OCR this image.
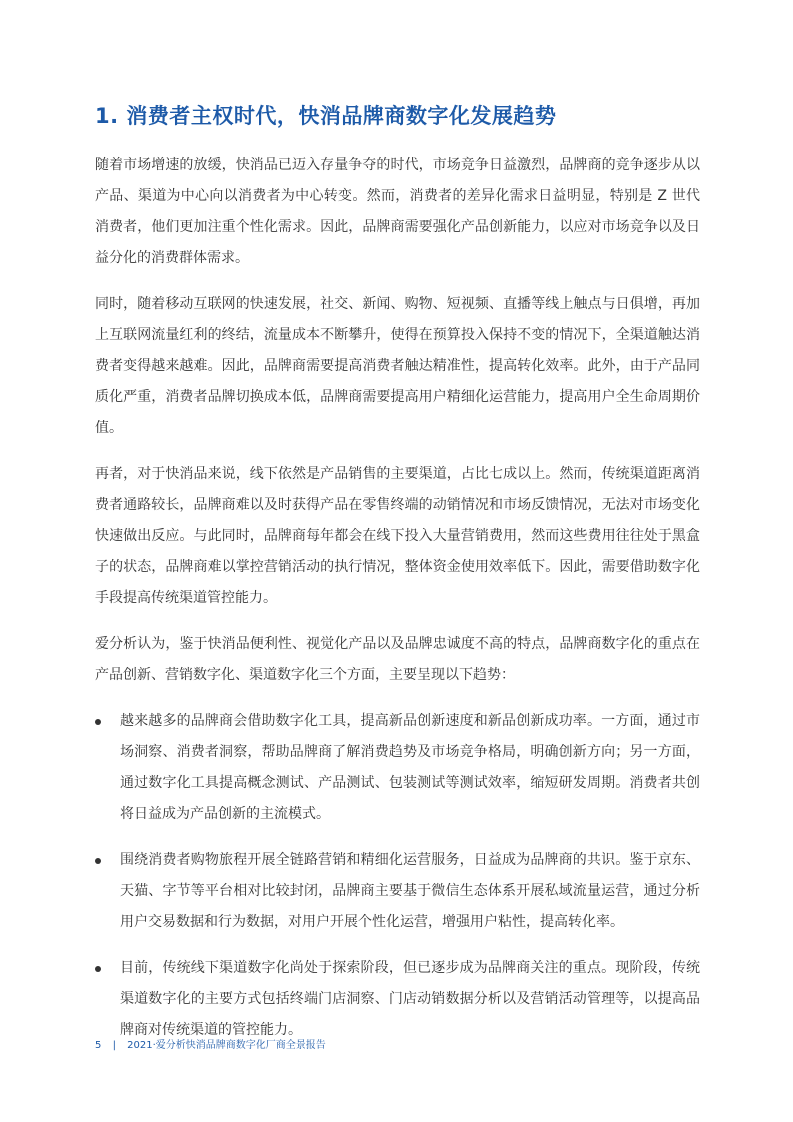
1. 消费者主权时代，快消品牌商数字化发展趋势

随着市场增速的放缓，快消品已迈入存量争夺的时代，市场竞争日益激烈，品牌商的竞争逐步从以产品、渠道为中心向以消费者为中心转变。然而，消费者的差异化需求日益明显，特别是 Z 世代消费者，他们更加注重个性化需求。因此，品牌商需要强化产品创新能力，以应对市场竞争以及日益分化的消费群体需求。

同时，随着移动互联网的快速发展，社交、新闻、购物、短视频、直播等线上触点与日俱增，再加上互联网流量红利的终结，流量成本不断攀升，使得在预算投入保持不变的情况下，全渠道触达消费者变得越来越难。因此，品牌商需要提高消费者触达精准性，提高转化效率。此外，由于产品同质化严重，消费者品牌切换成本低，品牌商需要提高用户精细化运营能力，提高用户全生命周期价值。

再者，对于快消品来说，线下依然是产品销售的主要渠道，占比七成以上。然而，传统渠道距离消费者通路较长，品牌商难以及时获得产品在零售终端的动销情况和市场反馈情况，无法对市场变化快速做出反应。与此同时，品牌商每年都会在线下投入大量营销费用，然而这些费用往往处于黑盒子的状态，品牌商难以掌控营销活动的执行情况，整体资金使用效率低下。因此，需要借助数字化手段提高传统渠道管控能力。

爱分析认为，鉴于快消品便利性、视觉化产品以及品牌忠诚度不高的特点，品牌商数字化的重点在产品创新、营销数字化、渠道数字化三个方面，主要呈现以下趋势：

越来越多的品牌商会借助数字化工具，提高新品创新速度和新品创新成功率。一方面，通过市场洞察、消费者洞察，帮助品牌商了解消费趋势及市场竞争格局，明确创新方向；另一方面，通过数字化工具提高概念测试、产品测试、包装测试等测试效率，缩短研发周期。消费者共创将日益成为产品创新的主流模式。
围绕消费者购物旅程开展全链路营销和精细化运营服务，日益成为品牌商的共识。鉴于京东、天猫、字节等平台相对比较封闭，品牌商主要基于微信生态体系开展私域流量运营，通过分析用户交易数据和行为数据，对用户开展个性化运营，增强用户粘性，提高转化率。
目前，传统线下渠道数字化尚处于探索阶段，但已逐步成为品牌商关注的重点。现阶段，传统渠道数字化的主要方式包括终端门店洞察、门店动销数据分析以及营销活动管理等，以提高品牌商对传统渠道的管控能力。
5 | 2021·爱分析快消品牌商数字化厂商全景报告
